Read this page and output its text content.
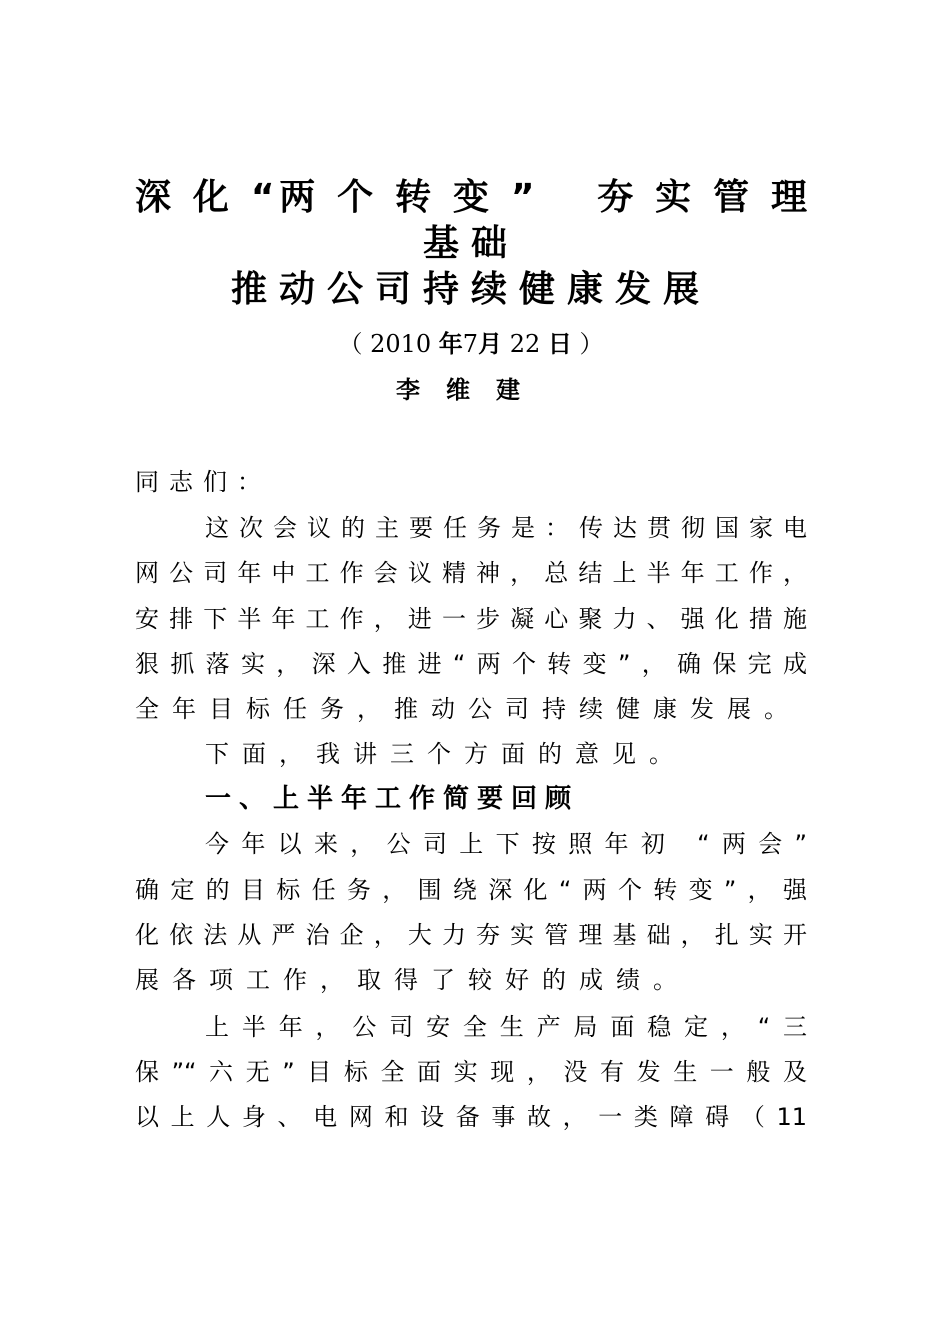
深 化 “两 个 转 变 ”　 夯 实 管 理
基础
推动公司持续健康发展
（ 2010 年7月 22 日 ）
李维建
同志们：
这次会议的主要任务是：传达贯彻国家电
网公司年中工作会议精神，总结上半年工作，
安排下半年工作，进一步凝心聚力、强化措施
狠抓落实，深入推进“两个转变”，确保完成
全年目标任务，推动公司持续健康发展。
下面，我讲三个方面的意见。
一、上半年工作简要回顾
今年以来，公司上下按照年初 “两会”
确定的目标任务，围绕深化“两个转变”，强
化依法从严治企，大力夯实管理基础，扎实开
展各项工作，取得了较好的成绩。
上半年，公司安全生产局面稳定，“三
保”“六无”目标全面实现，没有发生一般及
以上人身、电网和设备事故，一类障碍（11
